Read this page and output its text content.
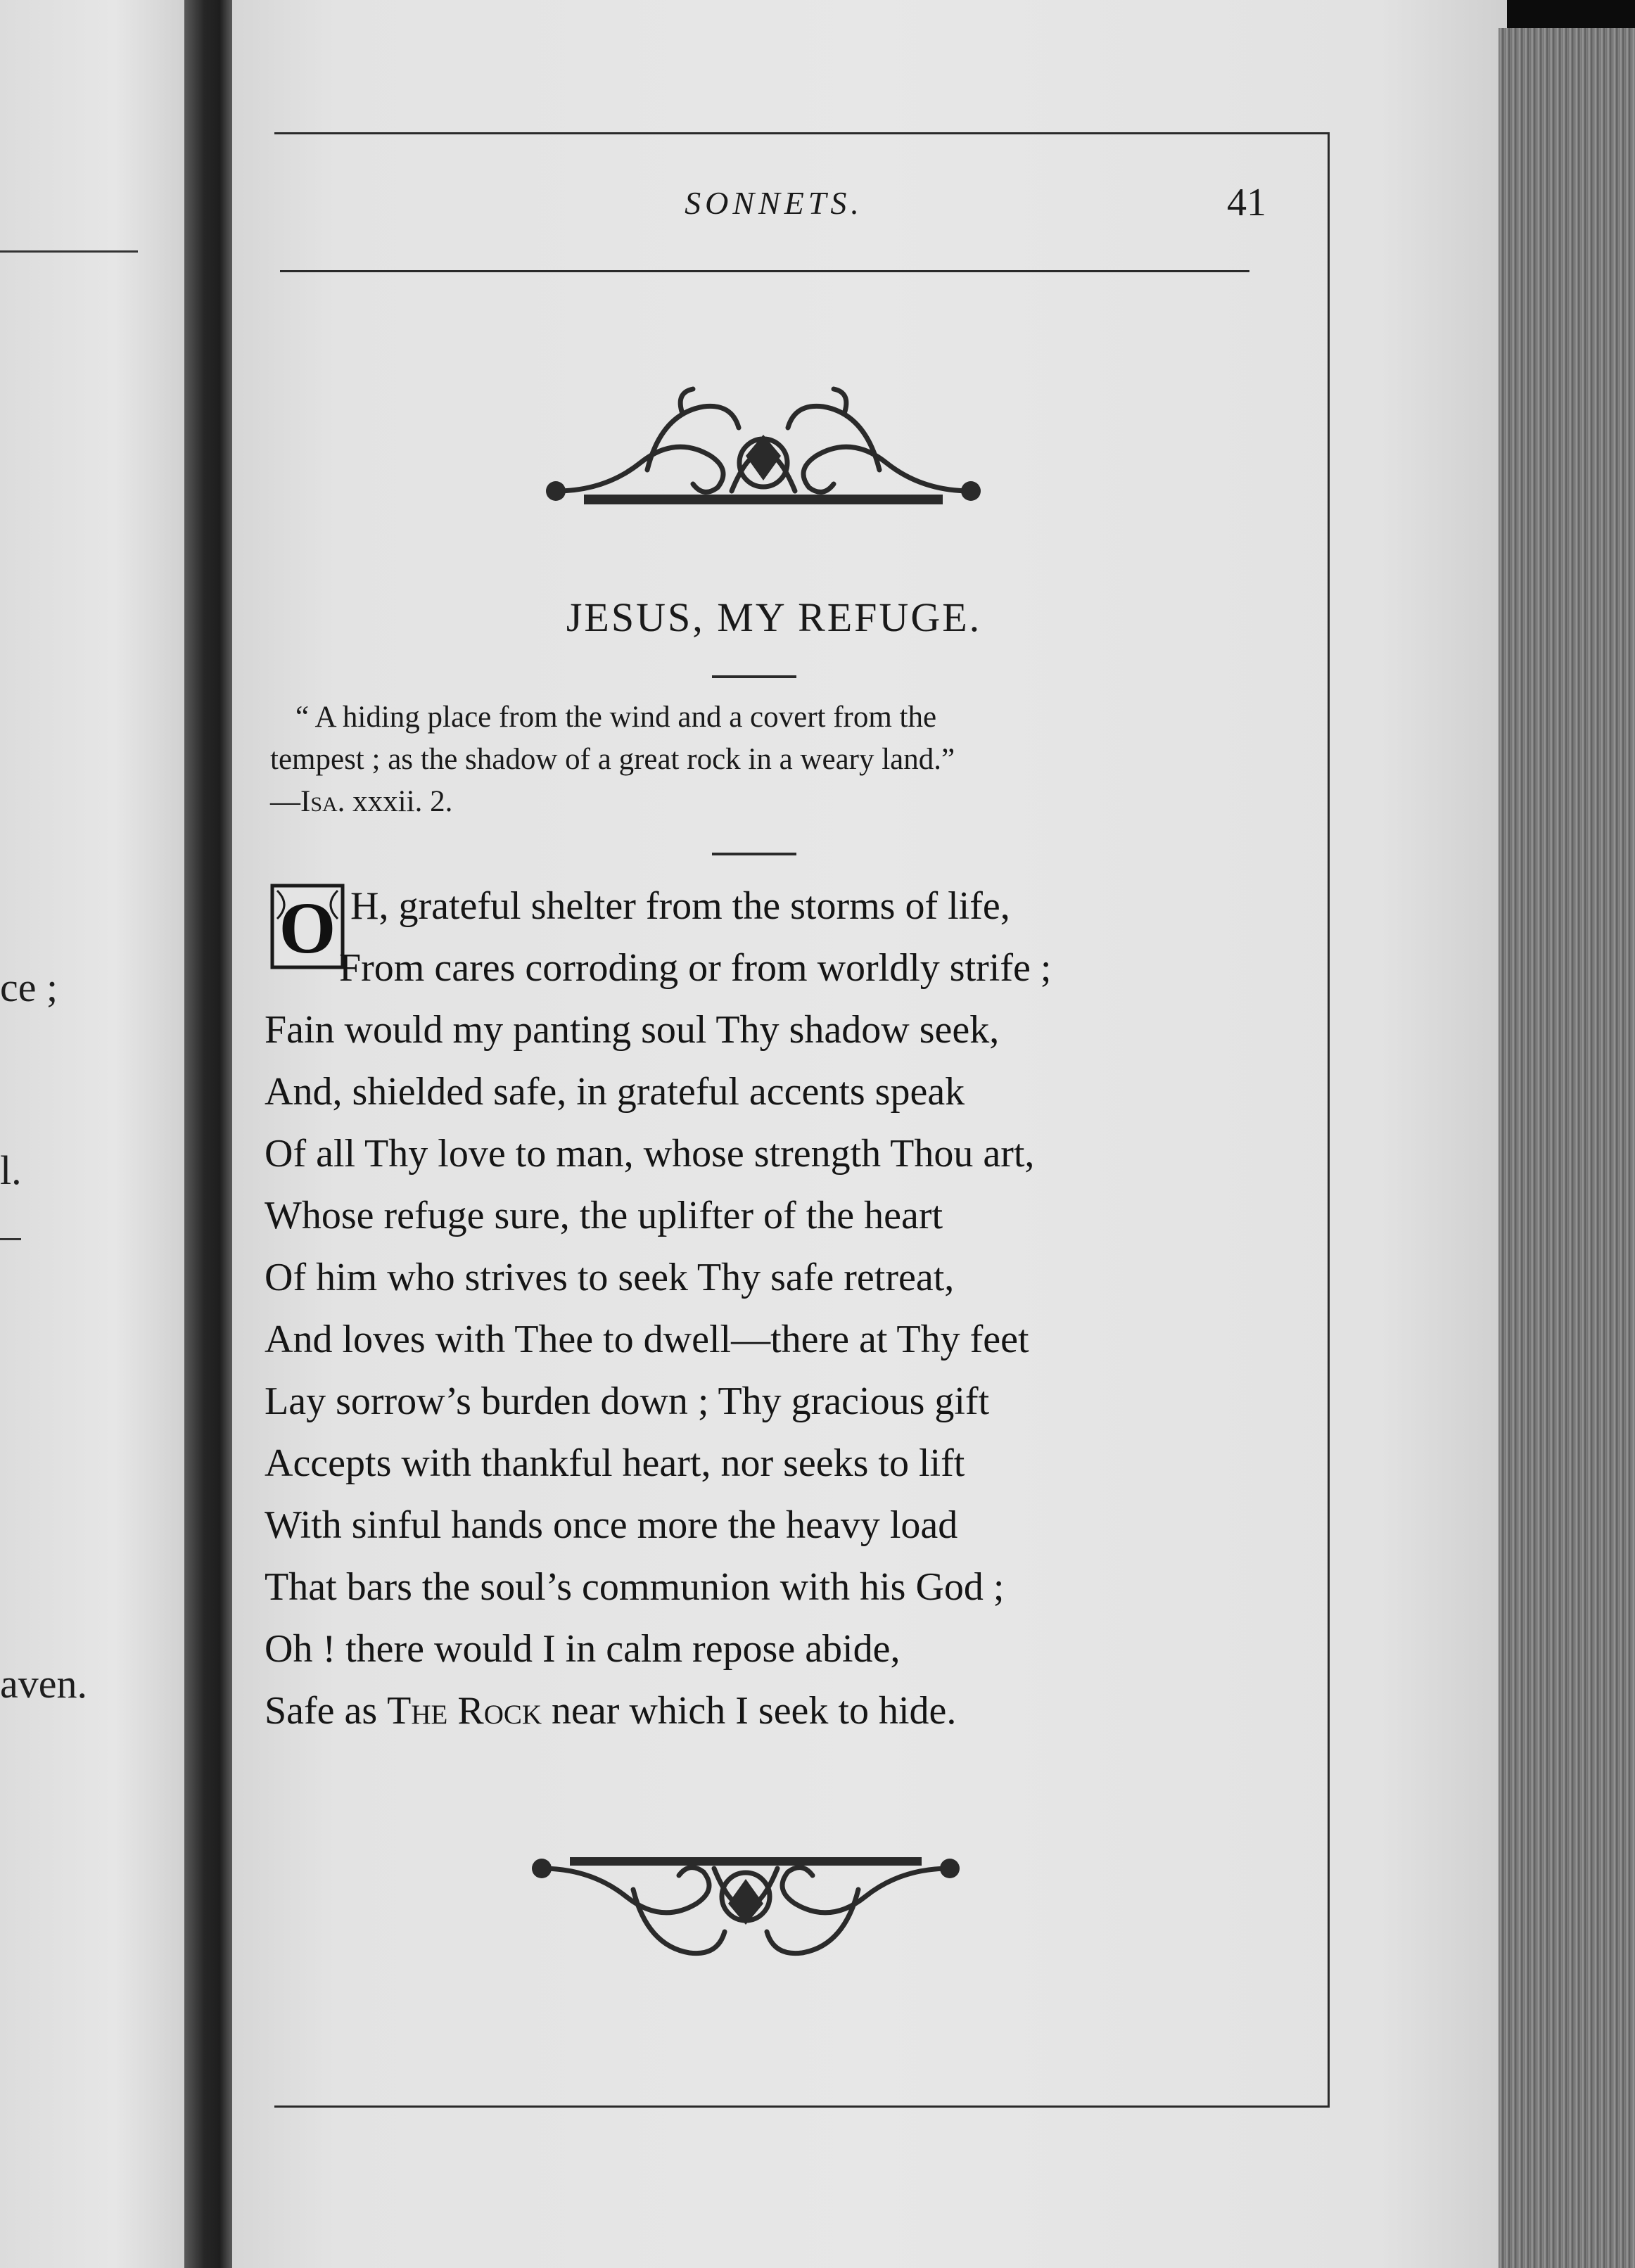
ce ;
l.
aven.
SONNETS.	41
JESUS, MY REFUGE.
“ A hiding place from the wind and a covert from the
tempest ; as the shadow of a great rock in a weary land.”
—Isa. xxxii. 2.
O H, grateful shelter from the storms of life,
From cares corroding or from worldly strife ;
Fain would my panting soul Thy shadow seek,
And, shielded safe, in grateful accents speak
Of all Thy love to man, whose strength Thou art,
Whose refuge sure, the uplifter of the heart
Of him who strives to seek Thy safe retreat,
And loves with Thee to dwell—there at Thy feet
Lay sorrow’s burden down ; Thy gracious gift
Accepts with thankful heart, nor seeks to lift
With sinful hands once more the heavy load
That bars the soul’s communion with his God ;
Oh ! there would I in calm repose abide,
Safe as The Rock near which I seek to hide.
